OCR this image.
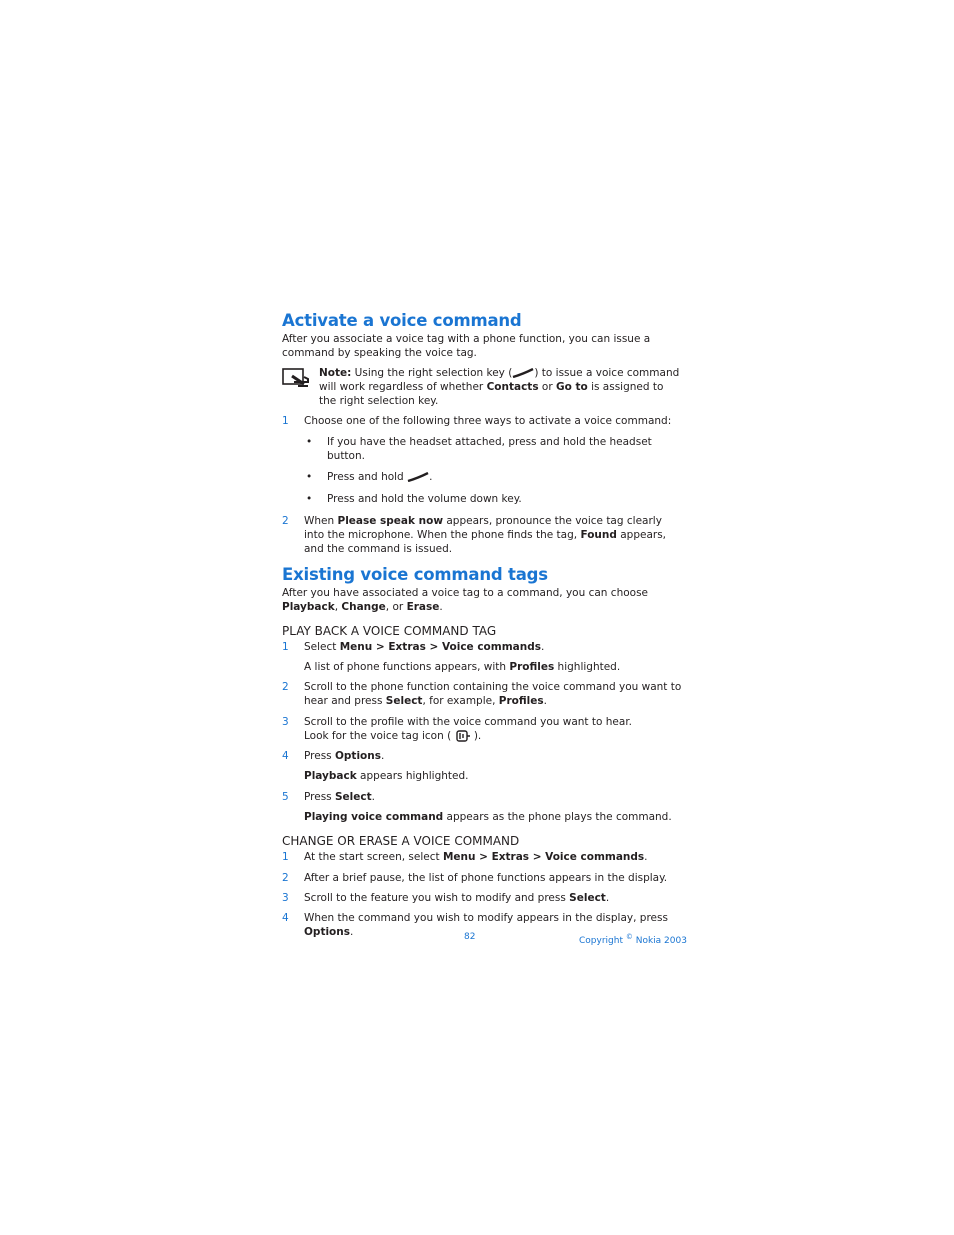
Activate a voice command

After you associate a voice tag with a phone function, you can issue a command by speaking the voice tag.

Note: Using the right selection key ( ) to issue a voice command will work regardless of whether Contacts or Go to is assigned to the right selection key.

1 Choose one of the following three ways to activate a voice command:

• If you have the headset attached, press and hold the headset button.

• Press and hold .

• Press and hold the volume down key.

2 When Please speak now appears, pronounce the voice tag clearly into the microphone. When the phone finds the tag, Found appears, and the command is issued.

Existing voice command tags

After you have associated a voice tag to a command, you can choose Playback, Change, or Erase.

PLAY BACK A VOICE COMMAND TAG
1 Select Menu > Extras > Voice commands.

A list of phone functions appears, with Profiles highlighted.

2 Scroll to the phone function containing the voice command you want to hear and press Select, for example, Profiles.

3 Scroll to the profile with the voice command you want to hear.
Look for the voice tag icon (  ).

4 Press Options.

Playback appears highlighted.

5 Press Select.

Playing voice command appears as the phone plays the command.

CHANGE OR ERASE A VOICE COMMAND
1 At the start screen, select Menu > Extras > Voice commands.

2 After a brief pause, the list of phone functions appears in the display.

3 Scroll to the feature you wish to modify and press Select.

4 When the command you wish to modify appears in the display, press Options.	82	Copyright © Nokia 2003
